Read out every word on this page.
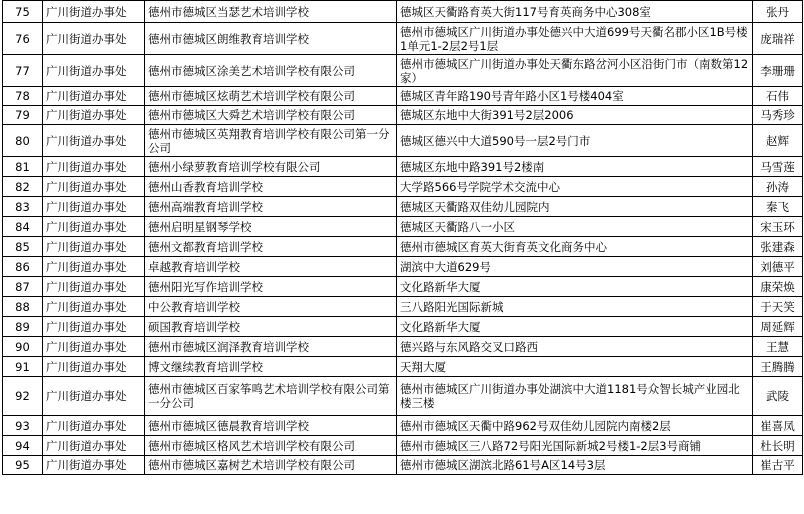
75	广川街道办事处	德州市德城区当瑟艺术培训学校	德城区天衢路育英大街117号育英商务中心308室	张丹
76	广川街道办事处	德州市德城区朗维教育培训学校	德州市德城区广川街道办事处德兴中大道699号天衢名郡小区1B号楼1单元1-2层2号1层	庞瑞祥
77	广川街道办事处	德州市德城区涂美艺术培训学校有限公司	德州市德城区广川街道办事处天衢东路岔河小区沿街门市（南数第12家）	李珊珊
78	广川街道办事处	德州市德城区炫萌艺术培训学校有限公司	德城区青年路190号青年路小区1号楼404室	石伟
79	广川街道办事处	德州市德城区大舜艺术培训学校有限公司	德城区东地中大街391号2层2006	马秀珍
80	广川街道办事处	德州市德城区英翔教育培训学校有限公司第一分公司	德城区德兴中大道590号一层2号门市	赵辉
81	广川街道办事处	德州小绿萝教育培训学校有限公司	德城区东地中路391号2楼南	马雪莲
82	广川街道办事处	德州山香教育培训学校	大学路566号学院学术交流中心	孙涛
83	广川街道办事处	德州高端教育培训学校	德城区天衢路双佳幼儿园院内	秦飞
84	广川街道办事处	德州启明星钢琴学校	德城区天衢路八一小区	宋玉环
85	广川街道办事处	德州文都教育培训学校	德州市德城区育英大街育英文化商务中心	张建森
86	广川街道办事处	卓越教育培训学校	湖滨中大道629号	刘德平
87	广川街道办事处	德州阳光写作培训学校	文化路新华大厦	康荣焕
88	广川街道办事处	中公教育培训学校	三八路阳光国际新城	于天笑
89	广川街道办事处	硕国教育培训学校	文化路新华大厦	周延辉
90	广川街道办事处	德州市德城区润泽教育培训学校	德兴路与东风路交叉口路西	王慧
91	广川街道办事处	博文继续教育培训学校	天翔大厦	王腾腾
92	广川街道办事处	德州市德城区百家筝鸣艺术培训学校有限公司第一分公司	德州市德城区广川街道办事处湖滨中大道1181号众智长城产业园北楼三楼	武陵
93	广川街道办事处	德州市德城区德晨教育培训学校	德州市德城区天衢中路962号双佳幼儿园院内南楼2层	崔喜凤
94	广川街道办事处	德州市德城区格风艺术培训学校有限公司	德州市德城区三八路72号阳光国际新城2号楼1-2层3号商铺	杜长明
95	广川街道办事处	德州市德城区嘉树艺术培训学校有限公司	德州市德城区湖滨北路61号A区14号3层	崔古平
